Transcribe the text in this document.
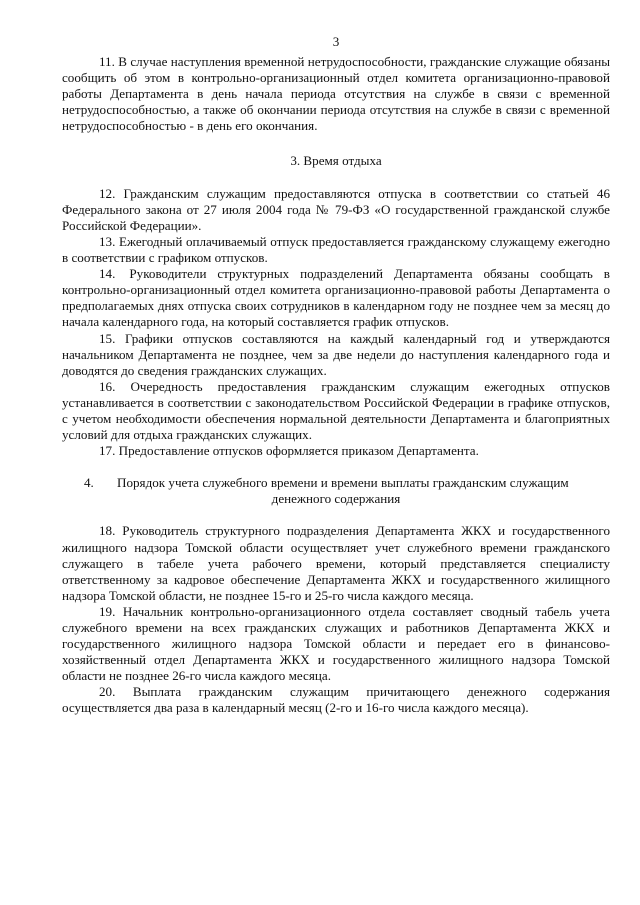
3

11. В случае наступления временной нетрудоспособности, гражданские служащие обязаны сообщить об этом в контрольно-организационный отдел комитета организационно-правовой работы Департамента в день начала периода отсутствия на службе в связи с временной нетрудоспособностью, а также об окончании периода отсутствия на службе в связи с временной нетрудоспособностью - в день его окончания.

3. Время отдыха

12. Гражданским служащим предоставляются отпуска в соответствии со статьей 46 Федерального закона от 27 июля 2004 года № 79-ФЗ «О государственной гражданской службе Российской Федерации».

13. Ежегодный оплачиваемый отпуск предоставляется гражданскому служащему ежегодно в соответствии с графиком отпусков.

14. Руководители структурных подразделений Департамента обязаны сообщать в контрольно-организационный отдел комитета организационно-правовой работы Департамента о предполагаемых днях отпуска своих сотрудников в календарном году не позднее чем за месяц до начала календарного года, на который составляется график отпусков.

15. Графики отпусков составляются на каждый календарный год и утверждаются начальником Департамента не позднее, чем за две недели до наступления календарного года и доводятся до сведения гражданских служащих.

16. Очередность предоставления гражданским служащим ежегодных отпусков устанавливается в соответствии с законодательством Российской Федерации в графике отпусков, с учетом необходимости обеспечения нормальной деятельности Департамента и благоприятных условий для отдыха гражданских служащих.

17. Предоставление отпусков оформляется приказом Департамента.

4. Порядок учета служебного времени и времени выплаты гражданским служащим
денежного содержания

18. Руководитель структурного подразделения Департамента ЖКХ и государственного жилищного надзора Томской области осуществляет учет служебного времени гражданского служащего в табеле учета рабочего времени, который представляется специалисту ответственному за кадровое обеспечение Департамента ЖКХ и государственного жилищного надзора Томской области, не позднее 15-го и 25-го числа каждого месяца.

19. Начальник контрольно-организационного отдела составляет сводный табель учета служебного времени на всех гражданских служащих и работников Департамента ЖКХ и государственного жилищного надзора Томской области и передает его в финансово-хозяйственный отдел Департамента ЖКХ и государственного жилищного надзора Томской области не позднее 26-го числа каждого месяца.

20. Выплата гражданским служащим причитающего денежного содержания осуществляется два раза в календарный месяц (2-го и 16-го числа каждого месяца).
